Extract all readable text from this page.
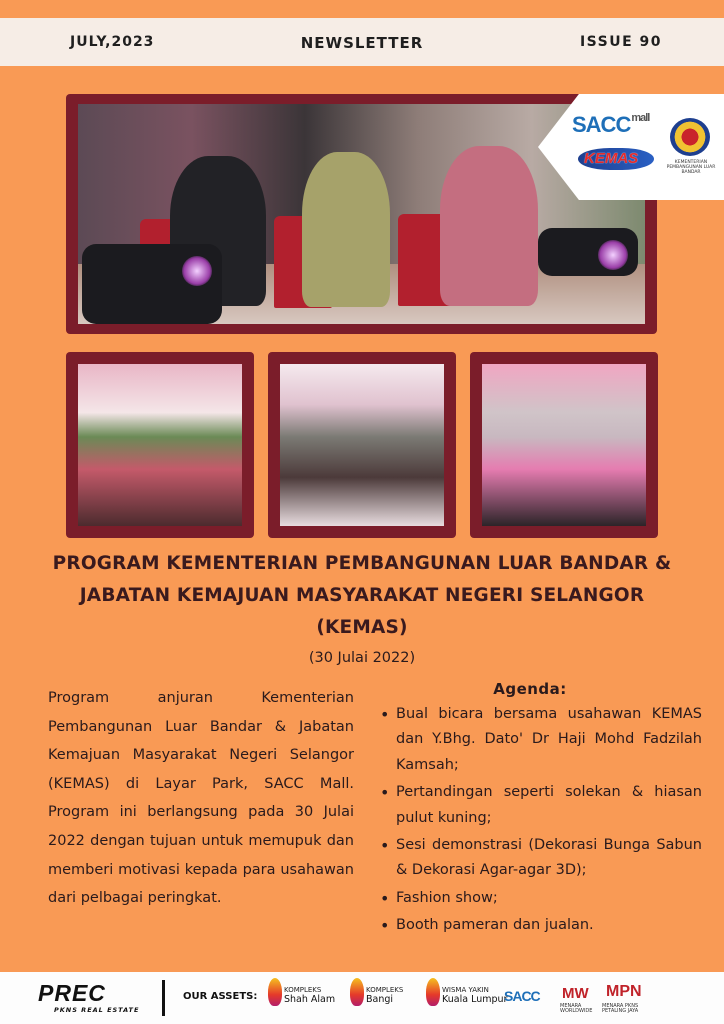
JULY,2023	NEWSLETTER	ISSUE 90
$SACC^{mall}$
KEMAS	KEMENTERIAN PEMBANGUNAN LUAR BANDAR
PROGRAM KEMENTERIAN PEMBANGUNAN LUAR BANDAR &
JABATAN KEMAJUAN MASYARAKAT NEGERI SELANGOR
(KEMAS)
(30 Julai 2022)
Program anjuran Kementerian Pembangunan Luar Bandar & Jabatan Kemajuan Masyarakat Negeri Selangor (KEMAS) di Layar Park, SACC Mall. Program ini berlangsung pada 30 Julai 2022 dengan tujuan untuk memupuk dan memberi motivasi kepada para usahawan dari pelbagai peringkat.
Agenda:
• Bual bicara bersama usahawan KEMAS dan Y.Bhg. Dato' Dr Haji Mohd Fadzilah Kamsah;
• Pertandingan seperti solekan & hiasan pulut kuning;
• Sesi demonstrasi (Dekorasi Bunga Sabun & Dekorasi Agar-agar 3D);
• Fashion show;
• Booth pameran dan jualan.
PREC
PKNS REAL ESTATE
OUR ASSETS:
KOMPLEKS
Shah Alam
KOMPLEKS
Bangi
WISMA YAKIN
Kuala Lumpur
SACC MW
MENARA WORLDWIDE
MPN
MENARA PKNS PETALING JAYA
